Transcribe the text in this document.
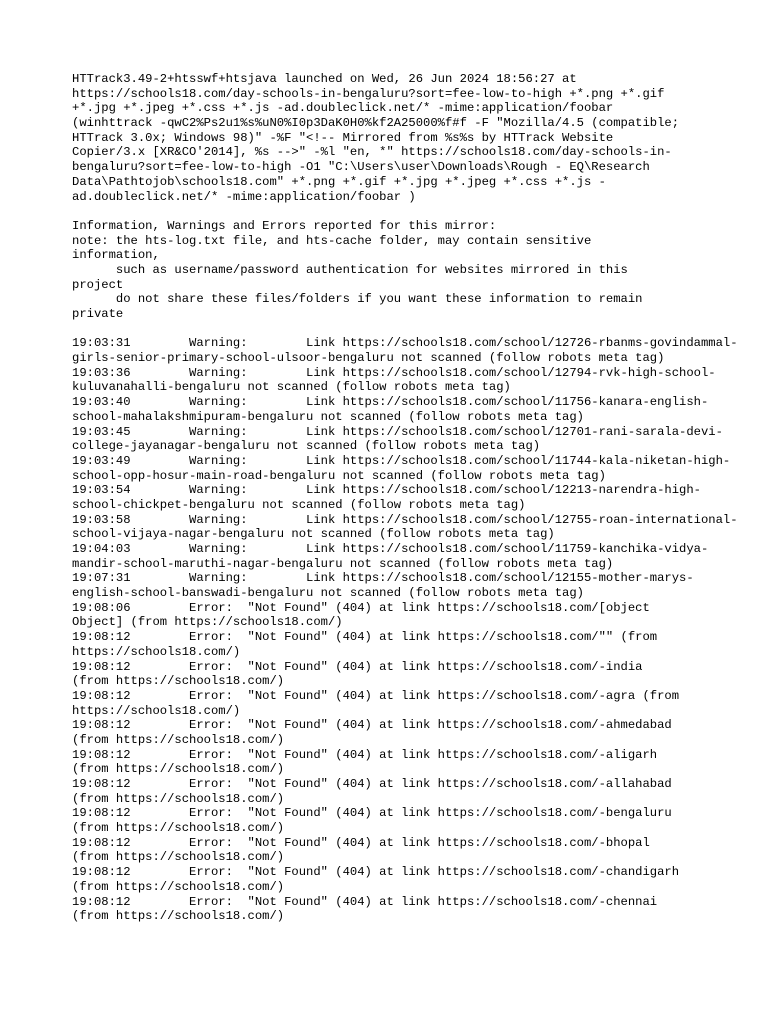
HTTrack3.49-2+htsswf+htsjava launched on Wed, 26 Jun 2024 18:56:27 at
https://schools18.com/day-schools-in-bengaluru?sort=fee-low-to-high +*.png +*.gif
+*.jpg +*.jpeg +*.css +*.js -ad.doubleclick.net/* -mime:application/foobar
(winhttrack -qwC2%Ps2u1%s%uN0%I0p3DaK0H0%kf2A25000%f#f -F "Mozilla/4.5 (compatible;
HTTrack 3.0x; Windows 98)" -%F "<!-- Mirrored from %s%s by HTTrack Website
Copier/3.x [XR&CO'2014], %s -->" -%l "en, *" https://schools18.com/day-schools-in-
bengaluru?sort=fee-low-to-high -O1 "C:\Users\user\Downloads\Rough - EQ\Research
Data\Pathtojob\schools18.com" +*.png +*.gif +*.jpg +*.jpeg +*.css +*.js -
ad.doubleclick.net/* -mime:application/foobar )
Information, Warnings and Errors reported for this mirror:
note: the hts-log.txt file, and hts-cache folder, may contain sensitive
information,
such as username/password authentication for websites mirrored in this
project
do not share these files/folders if you want these information to remain
private
19:03:31        Warning:        Link https://schools18.com/school/12726-rbanms-govindammal-
girls-senior-primary-school-ulsoor-bengaluru not scanned (follow robots meta tag)
19:03:36        Warning:        Link https://schools18.com/school/12794-rvk-high-school-
kuluvanahalli-bengaluru not scanned (follow robots meta tag)
19:03:40        Warning:        Link https://schools18.com/school/11756-kanara-english-
school-mahalakshmipuram-bengaluru not scanned (follow robots meta tag)
19:03:45        Warning:        Link https://schools18.com/school/12701-rani-sarala-devi-
college-jayanagar-bengaluru not scanned (follow robots meta tag)
19:03:49        Warning:        Link https://schools18.com/school/11744-kala-niketan-high-
school-opp-hosur-main-road-bengaluru not scanned (follow robots meta tag)
19:03:54        Warning:        Link https://schools18.com/school/12213-narendra-high-
school-chickpet-bengaluru not scanned (follow robots meta tag)
19:03:58        Warning:        Link https://schools18.com/school/12755-roan-international-
school-vijaya-nagar-bengaluru not scanned (follow robots meta tag)
19:04:03        Warning:        Link https://schools18.com/school/11759-kanchika-vidya-
mandir-school-maruthi-nagar-bengaluru not scanned (follow robots meta tag)
19:07:31        Warning:        Link https://schools18.com/school/12155-mother-marys-
english-school-banswadi-bengaluru not scanned (follow robots meta tag)
19:08:06        Error:  "Not Found" (404) at link https://schools18.com/[object
Object] (from https://schools18.com/)
19:08:12        Error:  "Not Found" (404) at link https://schools18.com/"" (from
https://schools18.com/)
19:08:12        Error:  "Not Found" (404) at link https://schools18.com/-india
(from https://schools18.com/)
19:08:12        Error:  "Not Found" (404) at link https://schools18.com/-agra (from
https://schools18.com/)
19:08:12        Error:  "Not Found" (404) at link https://schools18.com/-ahmedabad
(from https://schools18.com/)
19:08:12        Error:  "Not Found" (404) at link https://schools18.com/-aligarh
(from https://schools18.com/)
19:08:12        Error:  "Not Found" (404) at link https://schools18.com/-allahabad
(from https://schools18.com/)
19:08:12        Error:  "Not Found" (404) at link https://schools18.com/-bengaluru
(from https://schools18.com/)
19:08:12        Error:  "Not Found" (404) at link https://schools18.com/-bhopal
(from https://schools18.com/)
19:08:12        Error:  "Not Found" (404) at link https://schools18.com/-chandigarh
(from https://schools18.com/)
19:08:12        Error:  "Not Found" (404) at link https://schools18.com/-chennai
(from https://schools18.com/)
